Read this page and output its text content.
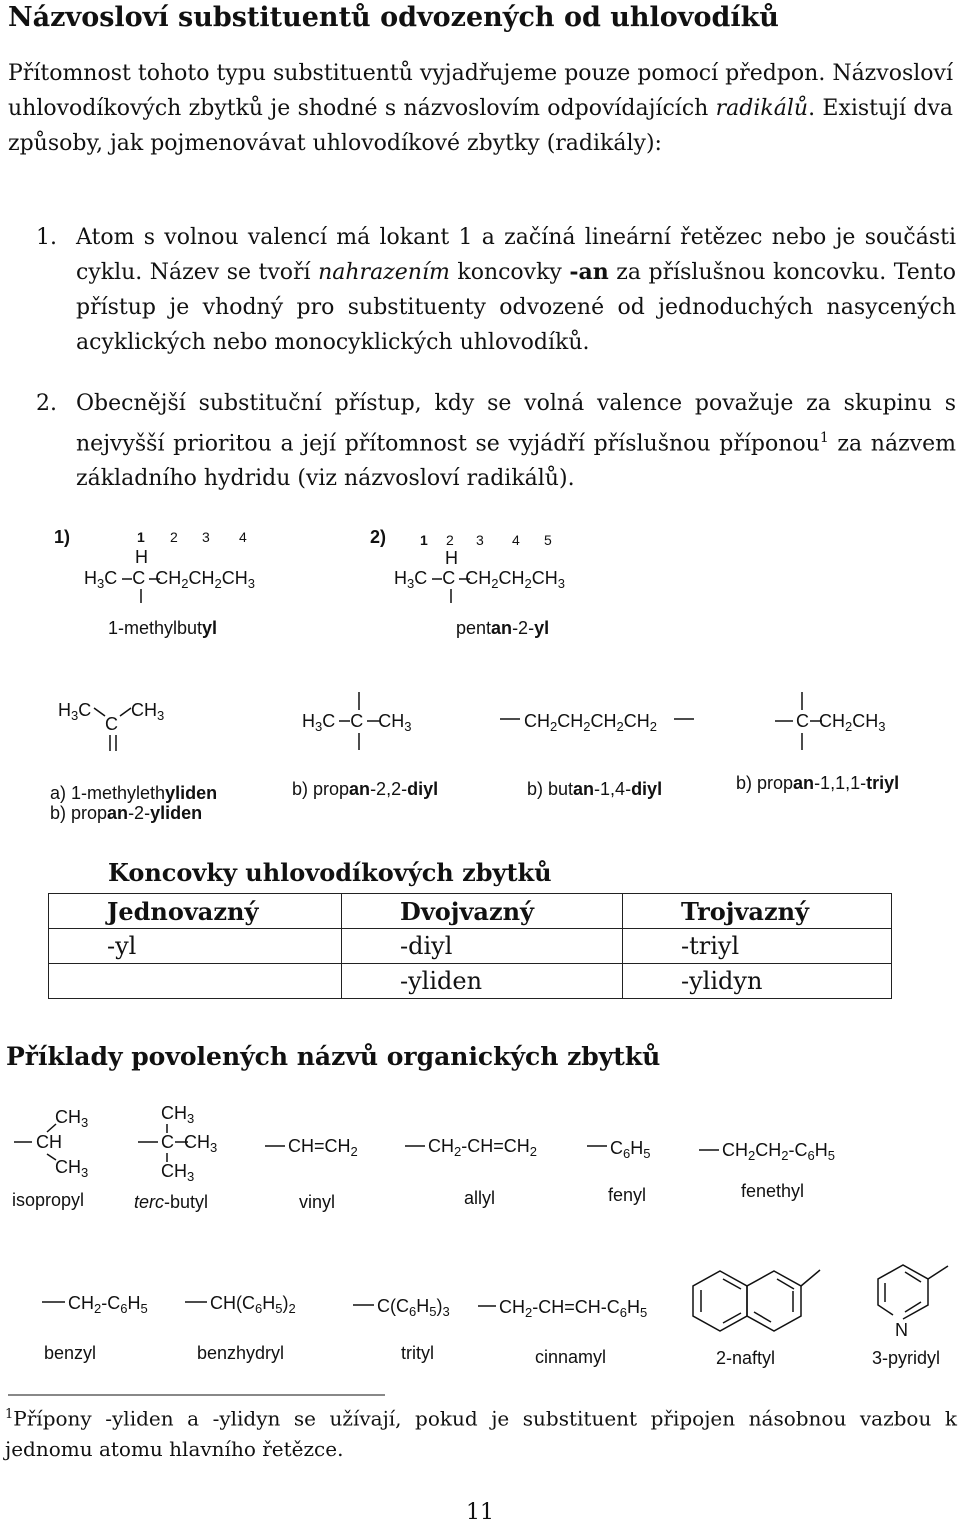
Názvosloví substituentů odvozených od uhlovodíků
Přítomnost tohoto typu substituentů vyjadřujeme pouze pomocí předpon. Názvosloví uhlovodíkových zbytků je shodné s názvoslovím odpovídajících radikálů. Existují dva způsoby, jak pojmenovávat uhlovodíkové zbytky (radikály):
1. Atom s volnou valencí má lokant 1 a začíná lineární řetězec nebo je součásti cyklu. Název se tvoří nahrazením koncovky -an za příslušnou koncovku. Tento přístup je vhodný pro substituenty odvozené od jednoduchých nasycených acyklických nebo monocyklických uhlovodíků.
2. Obecnější substituční přístup, kdy se volná valence považuje za skupinu s nejvyšší prioritou a její přítomnost se vyjádří příslušnou příponou$^1$ za názvem základního hydridu (viz názvosloví radikálů).
1)	1 2 3 4
H
$H_3C$   C  $CH_2CH_2CH_3$
1-methylbutyl
2) 1 2 3 4 5
H
$H_3C$   C  $CH_2CH_2CH_3$
pentan-2-yl
$H_3C$ $CH_3$
C	$H_3C$   C   $CH_3$	$CH_2CH_2CH_2CH_2$	C  $CH_2CH_3$
a) 1-methylethyliden
b) propan-2-yliden
b) propan-2,2-diyl	b) butan-1,4-diyl	b) propan-1,1,1-triyl
Koncovky uhlovodíkových zbytků
Jednovazný	Dvojvazný	Trojvazný
-yl	-diyl	-triyl
	-yliden	-ylidyn
Příklady povolených názvů organických zbytků
$CH_3$
CH
$CH_3$
isopropyl
$CH_3$
C  $CH_3$
$CH_3$
terc-butyl
$CH=CH_2$
vinyl
$CH_2-CH=CH_2$
allyl
$C_6H_5$
fenyl
$CH_2CH_2-C_6H_5$
fenethyl
$CH_2-C_6H_5$
benzyl
$CH(C_6H_5)_2$
benzhydryl
$C(C_6H_5)_3$
trityl
$CH_2-CH=CH-C_6H_5$
cinnamyl	2-naftyl
N
3-pyridyl
$^1$Přípony -yliden a -ylidyn se užívají, pokud je substituent připojen násobnou vazbou k jednomu atomu hlavního řetězce.
11
